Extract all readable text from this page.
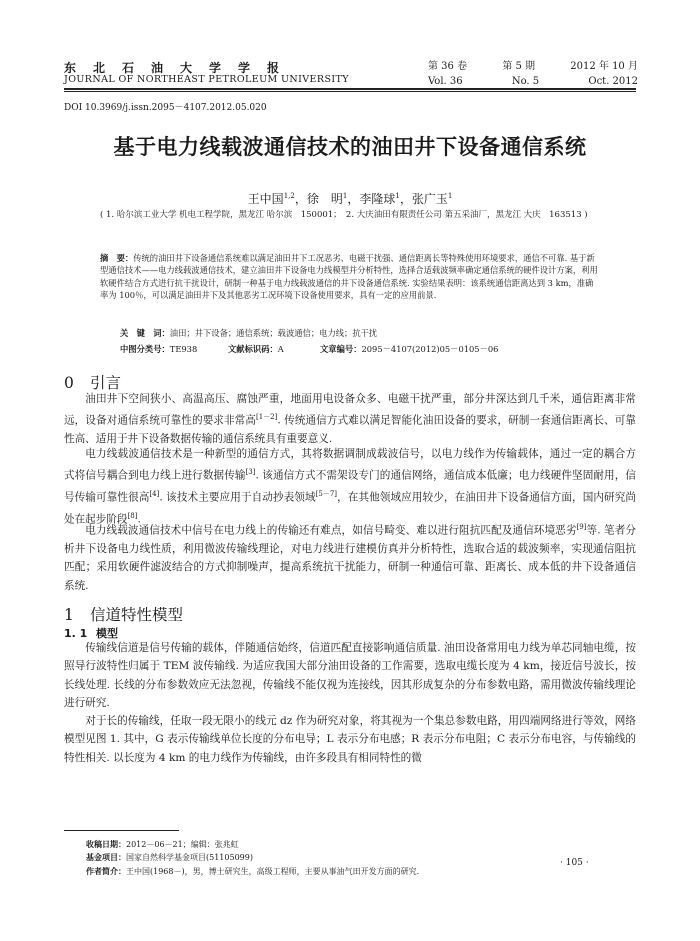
东北石油大学学报
JOURNAL OF NORTHEAST PETROLEUM UNIVERSITY
第 36 卷	第 5 期	2012 年 10 月
Vol. 36	No. 5	Oct. 2012
DOI 10.3969/j.issn.2095－4107.2012.05.020
基于电力线载波通信技术的油田井下设备通信系统
王中国$^{1,2}$，徐　明$^1$，李隆球$^1$，张广玉$^1$
( 1. 哈尔滨工业大学 机电工程学院，黑龙江 哈尔滨　150001；　2. 大庆油田有限责任公司 第五采油厂，黑龙江 大庆　163513 )
摘　要：传统的油田井下设备通信系统难以满足油田井下工况恶劣、电磁干扰强、通信距离长等特殊使用环境要求，通信不可靠. 基于新型通信技术——电力线载波通信技术，建立油田井下设备电力线模型并分析特性，选择合适载波频率确定通信系统的硬件设计方案，利用软硬件结合方式进行抗干扰设计，研制一种基于电力线载波通信的井下设备通信系统. 实验结果表明：该系统通信距离达到 3 km，准确率为 100％，可以满足油田井下及其他恶劣工况环境下设备使用要求，具有一定的应用前景.
关　键　词：油田；井下设备；通信系统；载波通信；电力线；抗干扰
中图分类号：TE938	文献标识码：A	文章编号：2095－4107(2012)05－0105－06
0 引言

油田井下空间狭小、高温高压、腐蚀严重，地面用电设备众多、电磁干扰严重，部分井深达到几千米，通信距离非常远，设备对通信系统可靠性的要求非常高[1－2]. 传统通信方式难以满足智能化油田设备的要求，研制一套通信距离长、可靠性高、适用于井下设备数据传输的通信系统具有重要意义.

电力线载波通信技术是一种新型的通信方式，其将数据调制成载波信号，以电力线作为传输载体，通过一定的耦合方式将信号耦合到电力线上进行数据传输[3]. 该通信方式不需架设专门的通信网络，通信成本低廉；电力线硬件坚固耐用，信号传输可靠性很高[4]. 该技术主要应用于自动抄表领域[5－7]，在其他领域应用较少，在油田井下设备通信方面，国内研究尚处在起步阶段[8].

电力线载波通信技术中信号在电力线上的传输还有难点，如信号畸变、难以进行阻抗匹配及通信环境恶劣[9]等. 笔者分析井下设备电力线性质，利用微波传输线理论，对电力线进行建模仿真并分析特性，选取合适的载波频率，实现通信阻抗匹配；采用软硬件滤波结合的方式抑制噪声，提高系统抗干扰能力，研制一种通信可靠、距离长、成本低的井下设备通信系统.

1 信道特性模型
1. 1 模型

传输线信道是信号传输的载体，伴随通信始终，信道匹配直接影响通信质量. 油田设备常用电力线为单芯同轴电缆，按照导行波特性归属于 TEM 波传输线. 为适应我国大部分油田设备的工作需要，选取电缆长度为 4 km，接近信号波长，按长线处理. 长线的分布参数效应无法忽视，传输线不能仅视为连接线，因其形成复杂的分布参数电路，需用微波传输线理论进行研究.

对于长的传输线，任取一段无限小的线元 dz 作为研究对象，将其视为一个集总参数电路，用四端网络进行等效，网络模型见图 1. 其中，G 表示传输线单位长度的分布电导；L 表示分布电感；R 表示分布电阻；C 表示分布电容，与传输线的特性相关. 以长度为 4 km 的电力线作为传输线，由许多段具有相同特性的微

收稿日期：2012－06－21；编辑：张兆虹
基金项目：国家自然科学基金项目(51105099)
作者简介：王中国(1968－)，男，博士研究生，高级工程师，主要从事油气田开发方面的研究.
· 105 ·
